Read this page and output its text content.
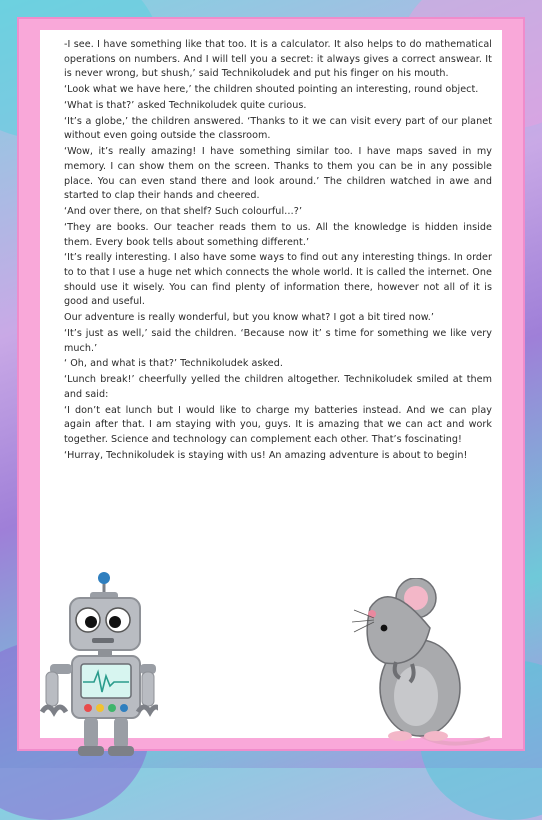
-I see. I have something like that too. It is a calculator. It also helps to do mathematical operations on numbers. And I will tell you a secret: it always gives a correct answear. It is never wrong, but shush,’ said Technikoludek and put his finger on his mouth.

‘Look what we have here,’ the children shouted pointing an interesting, round object.

‘What is that?’ asked Technikoludek quite curious.

‘It’s a globe,’ the children answered. ‘Thanks to it we can visit every part of our planet without even going outside the classroom.

‘Wow, it’s really amazing! I have something similar too. I have maps saved in my memory. I can show them on the screen. Thanks to them you can be in any possible place. You can even stand there and look around.’ The children watched in awe and started to clap their hands and cheered.

‘And over there, on that shelf? Such colourful…?’

‘They are books. Our teacher reads them to us. All the knowledge is hidden inside them. Every book tells about something different.’

‘It’s really interesting. I also have some ways to find out any interesting things. In order to to that I use a huge net which connects the whole world. It is called the internet. One should use it wisely. You can find plenty of information there, however not all of it is good and useful.

Our adventure is really wonderful, but you know what? I got a bit tired now.’

‘It’s just as well,’ said the children. ‘Because now it’ s time for something we like very much.’

‘ Oh, and what is that?’ Technikoludek asked.

‘Lunch break!’ cheerfully yelled the children altogether. Technikoludek smiled at them and said:

‘I don’t eat lunch but I would like to charge my batteries instead. And we can play again after that. I am staying with you, guys. It is amazing that we can act and work together. Science and technology can complement each other. That’s foscinating!

‘Hurray, Technikoludek is staying with us! An amazing adventure is about to begin!
